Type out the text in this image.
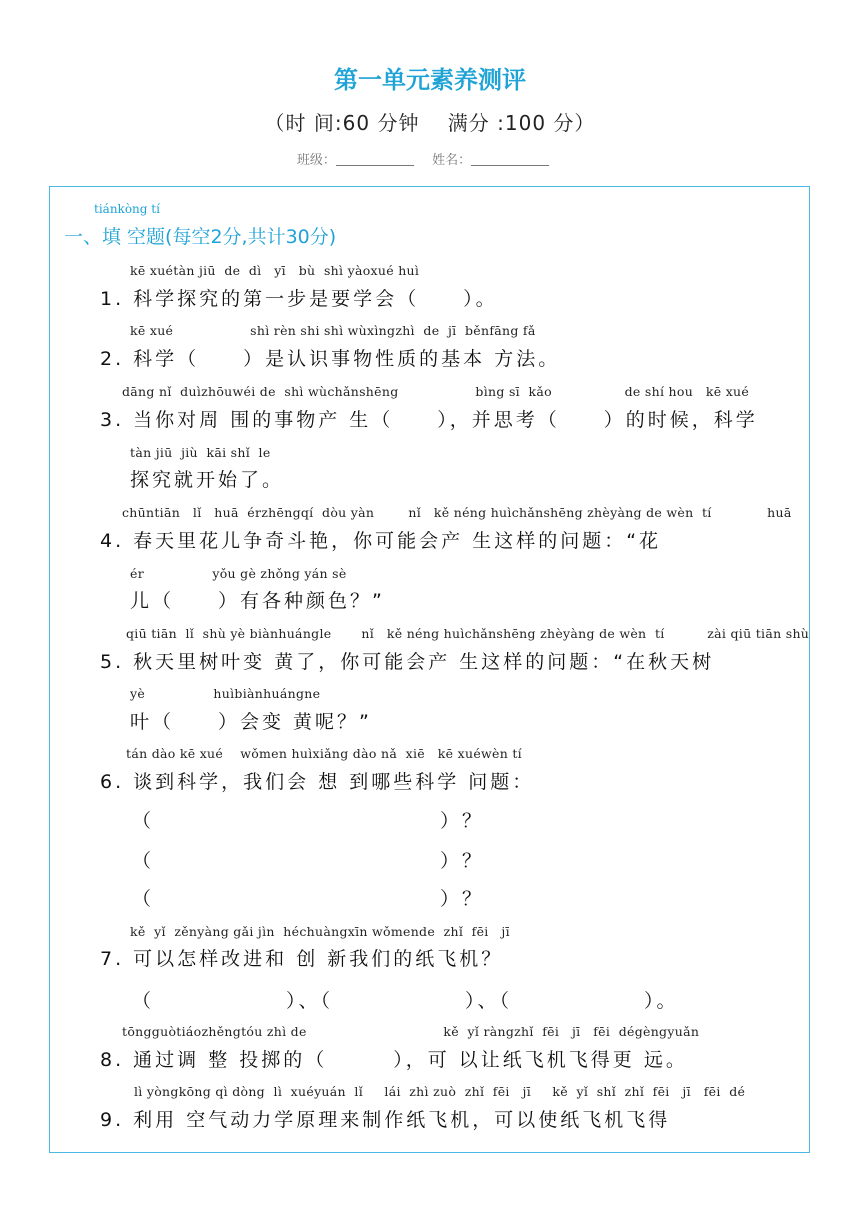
第一单元素养测评
（时 间:60 分钟　 满分 :100 分）
班级：	姓名：
tiánkòng tí
一、填 空题(每空2分,共计30分)
kē xuétàn jiū  de  dì   yī   bù  shì yàoxué huì
1. 科学探究的第一步是要学会（　　）。
kē xué                  shì rèn shi shì wùxìngzhì  de  jī  běnfāng fǎ
2. 科学（　　）是认识事物性质的基本 方法。
dāng nǐ  duìzhōuwéi de  shì wùchǎnshēng                  bìng sī  kǎo                 de shí hou   kē xué
3. 当你对周 围的事物产 生（　　），并思考（　　）的时候，科学
tàn jiū  jiù  kāi shǐ  le
探究就开始了。
chūntiān   lǐ   huā  érzhēngqí  dòu yàn        nǐ   kě néng huìchǎnshēng zhèyàng de wèn  tí             huā
4. 春天里花儿争奇斗艳，你可能会产 生这样的问题：“花
ér                yǒu gè zhǒng yán sè
儿（　　）有各种颜色？”
qiū tiān  lǐ  shù yè biànhuángle       nǐ   kě néng huìchǎnshēng zhèyàng de wèn  tí          zài qiū tiān shù
5. 秋天里树叶变 黄了，你可能会产 生这样的问题：“在秋天树
yè                huìbiànhuángne
叶（　　）会变 黄呢？”
tán dào kē xué    wǒmen huìxiǎng dào nǎ  xiē   kē xuéwèn tí
6. 谈到科学，我们会 想 到哪些科学 问题：
（　　　　　　　　　　　　　）？
（　　　　　　　　　　　　　）？
（　　　　　　　　　　　　　）？
kě  yǐ  zěnyàng gǎi jìn  héchuàngxīn wǒmende  zhǐ  fēi   jī
7. 可以怎样改进和 创 新我们的纸飞机？
（　　　　　　）、（　　　　　　）、（　　　　　　）。
tōngguòtiáozhěngtóu zhì de                                kě  yǐ ràngzhǐ  fēi   jī   fēi  dégèngyuǎn
8. 通过调 整 投掷的（　　　），可 以让纸飞机飞得更 远。
lì yòngkōng qì dòng  lì  xuéyuán  lǐ     lái  zhì zuò  zhǐ  fēi   jī     kě  yǐ  shǐ  zhǐ  fēi   jī   fēi  dé
9. 利用 空气动力学原理来制作纸飞机，可以使纸飞机飞得
